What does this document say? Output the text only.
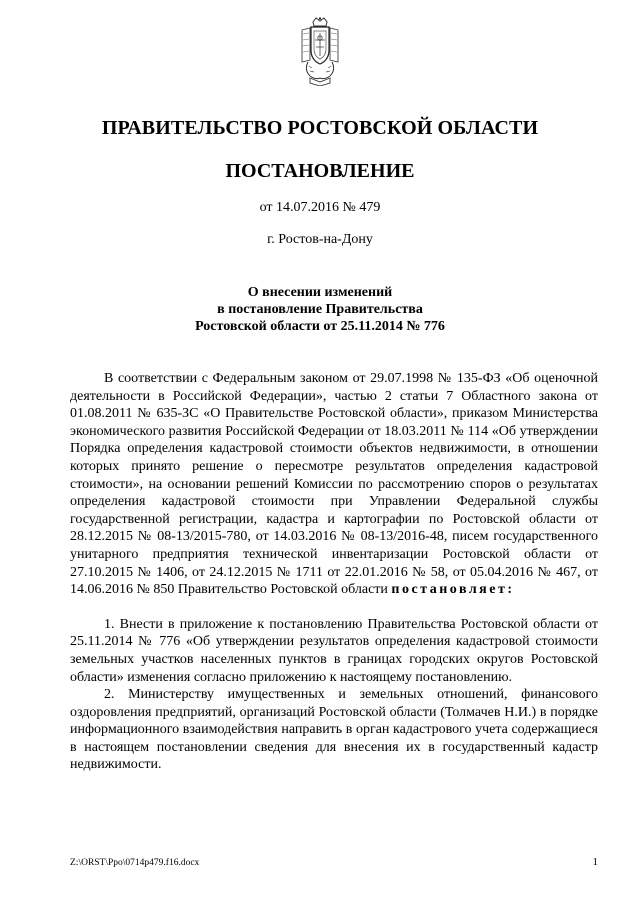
ПРАВИТЕЛЬСТВО РОСТОВСКОЙ ОБЛАСТИ
ПОСТАНОВЛЕНИЕ
от 14.07.2016 № 479
г. Ростов-на-Дону
О внесении изменений
в постановление Правительства
Ростовской области от 25.11.2014 № 776

В соответствии с Федеральным законом от 29.07.1998 № 135-ФЗ «Об оценочной деятельности в Российской Федерации», частью 2 статьи 7 Областного закона от 01.08.2011 № 635-ЗС «О Правительстве Ростовской области», приказом Министерства экономического развития Российской Федерации от 18.03.2011 № 114 «Об утверждении Порядка определения кадастровой стоимости объектов недвижимости, в отношении которых принято решение о пересмотре результатов определения кадастровой стоимости», на основании решений Комиссии по рассмотрению споров о результатах определения кадастровой стоимости при Управлении Федеральной службы государственной регистрации, кадастра и картографии по Ростовской области от 28.12.2015 № 08-13/2015-780, от 14.03.2016 № 08-13/2016-48, писем государственного унитарного предприятия технической инвентаризации Ростовской области от 27.10.2015 № 1406, от 24.12.2015 № 1711 от 22.01.2016 № 58, от 05.04.2016 № 467, от 14.06.2016 № 850 Правительство Ростовской области постановляет:

1. Внести в приложение к постановлению Правительства Ростовской области от 25.11.2014 № 776 «Об утверждении результатов определения кадастровой стоимости земельных участков населенных пунктов в границах городских округов Ростовской области» изменения согласно приложению к настоящему постановлению.

2. Министерству имущественных и земельных отношений, финансового оздоровления предприятий, организаций Ростовской области (Толмачев Н.И.) в порядке информационного взаимодействия направить в орган кадастрового учета содержащиеся в настоящем постановлении сведения для внесения их в государственный кадастр недвижимости.

Z:\ORST\Ppo\0714p479.f16.docx	1
